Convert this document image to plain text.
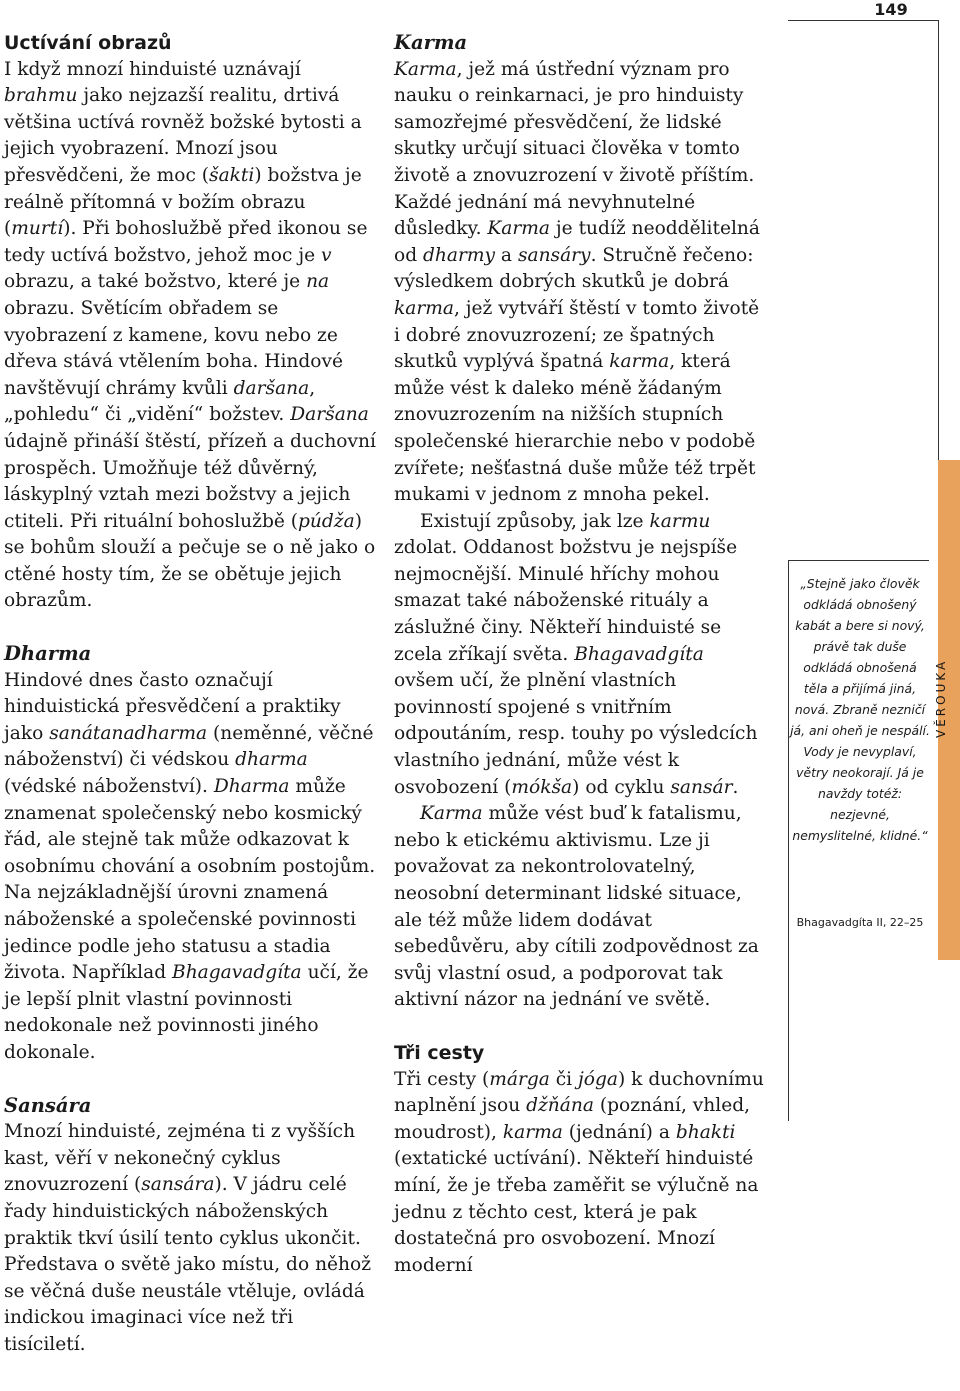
149
Uctívání obrazů

I když mnozí hinduisté uznávají brahmu jako nejzazší realitu, drtivá většina uctívá rovněž božské bytosti a jejich vyobrazení. Mnozí jsou přesvědčeni, že moc (šakti) božstva je reálně přítomná v božím obrazu (murtí). Při bohoslužbě před ikonou se tedy uctívá božstvo, jehož moc je v obrazu, a také božstvo, které je na obrazu. Světícím obřadem se vyobrazení z kamene, kovu nebo ze dřeva stává vtělením boha. Hindové navštěvují chrámy kvůli daršana, „pohledu“ či „vidění“ božstev. Daršana údajně přináší štěstí, přízeň a duchovní prospěch. Umožňuje též důvěrný, láskyplný vztah mezi božstvy a jejich ctiteli. Při rituální bohoslužbě (púdža) se bohům slouží a pečuje se o ně jako o ctěné hosty tím, že se obětuje jejich obrazům.

Dharma

Hindové dnes často označují hinduistická přesvědčení a praktiky jako sanátanadharma (neměnné, věčné náboženství) či védskou dharma (védské náboženství). Dharma může znamenat společenský nebo kosmický řád, ale stejně tak může odkazovat k osobnímu chování a osobním postojům. Na nejzákladnější úrovni znamená náboženské a společenské povinnosti jedince podle jeho statusu a stadia života. Například Bhagavadgíta učí, že je lepší plnit vlastní povinnosti nedokonale než povinnosti jiného dokonale.

Sansára

Mnozí hinduisté, zejména ti z vyšších kast, věří v nekonečný cyklus znovuzrození (sansára). V jádru celé řady hinduistických náboženských praktik tkví úsilí tento cyklus ukončit. Představa o světě jako místu, do něhož se věčná duše neustále vtěluje, ovládá indickou imaginaci více než tři tisíciletí.

Karma

Karma, jež má ústřední význam pro nauku o reinkarnaci, je pro hinduisty samozřejmé přesvědčení, že lidské skutky určují situaci člověka v tomto životě a znovuzrození v životě příštím. Každé jednání má nevyhnutelné důsledky. Karma je tudíž neoddělitelná od dharmy a sansáry. Stručně řečeno: výsledkem dobrých skutků je dobrá karma, jež vytváří štěstí v tomto životě i dobré znovuzrození; ze špatných skutků vyplývá špatná karma, která může vést k daleko méně žádaným znovuzrozením na nižších stupních společenské hierarchie nebo v podobě zvířete; nešťastná duše může též trpět mukami v jednom z mnoha pekel.

Existují způsoby, jak lze karmu zdolat. Oddanost božstvu je nejspíše nejmocnější. Minulé hříchy mohou smazat také náboženské rituály a záslužné činy. Někteří hinduisté se zcela zříkají světa. Bhagavadgíta ovšem učí, že plnění vlastních povinností spojené s vnitřním odpoutáním, resp. touhy po výsledcích vlastního jednání, může vést k osvobození (mókša) od cyklu sansár.

Karma může vést buď k fatalismu, nebo k etickému aktivismu. Lze ji považovat za nekontrolovatelný, neosobní determinant lidské situace, ale též může lidem dodávat sebedůvěru, aby cítili zodpovědnost za svůj vlastní osud, a podporovat tak aktivní názor na jednání ve světě.

Tři cesty

Tři cesty (márga či jóga) k duchovnímu naplnění jsou džňána (poznání, vhled, moudrost), karma (jednání) a bhakti (extatické uctívání). Někteří hinduisté míní, že je třeba zaměřit se výlučně na jednu z těchto cest, která je pak dostatečná pro osvobození. Mnozí moderní

„Stejně jako člověk odkládá obnošený kabát a bere si nový, právě tak duše odkládá obnošená těla a přijímá jiná, nová. Zbraně nezničí já, ani oheň je nespálí. Vody je nevyplaví, větry neokorají. Já je navždy totéž: nezjevné, nemyslitelné, klidné.“
Bhagavadgíta II, 22–25
VĚROUKA
